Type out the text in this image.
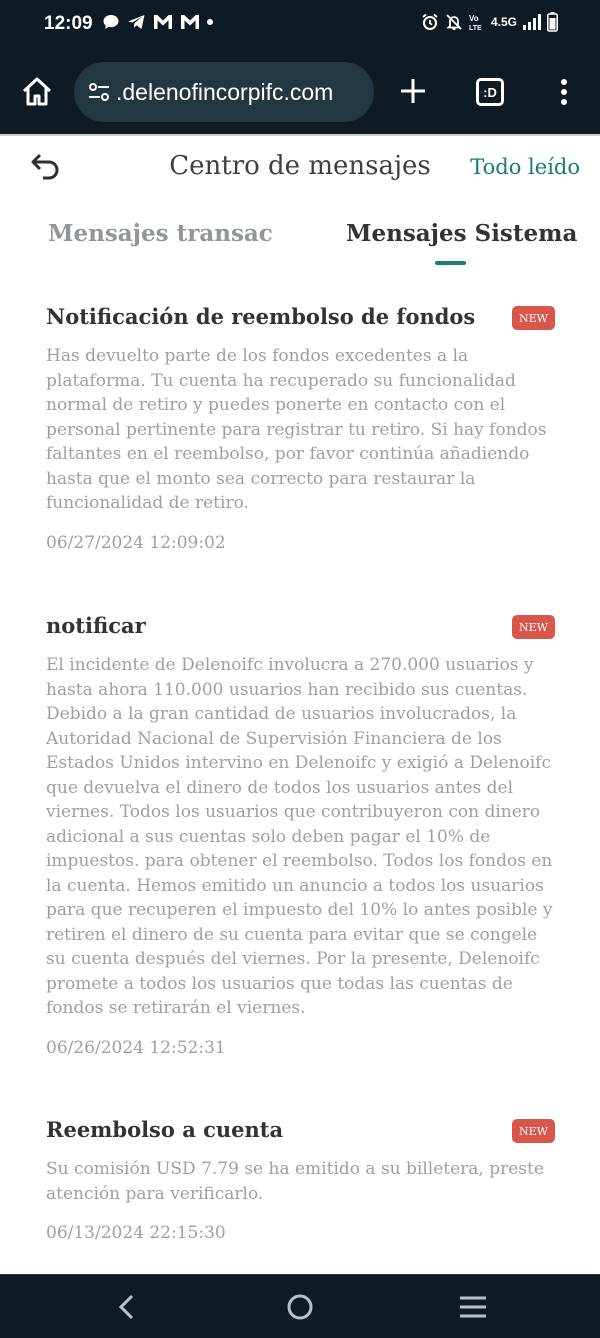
12:09	Vo
LTE 4.5G
.delenofincorpifc.com	:D
Centro de mensajes	Todo leído
Mensajes transac	Mensajes Sistema
Notificación de reembolso de fondos	NEW
Has devuelto parte de los fondos excedentes a la plataforma. Tu cuenta ha recuperado su funcionalidad normal de retiro y puedes ponerte en contacto con el personal pertinente para registrar tu retiro. Si hay fondos faltantes en el reembolso, por favor continúa añadiendo hasta que el monto sea correcto para restaurar la funcionalidad de retiro.
06/27/2024 12:09:02
notificar	NEW
El incidente de Delenoifc involucra a 270.000 usuarios y hasta ahora 110.000 usuarios han recibido sus cuentas. Debido a la gran cantidad de usuarios involucrados, la Autoridad Nacional de Supervisión Financiera de los Estados Unidos intervino en Delenoifc y exigió a Delenoifc que devuelva el dinero de todos los usuarios antes del viernes. Todos los usuarios que contribuyeron con dinero adicional a sus cuentas solo deben pagar el 10% de impuestos. para obtener el reembolso. Todos los fondos en la cuenta. Hemos emitido un anuncio a todos los usuarios para que recuperen el impuesto del 10% lo antes posible y retiren el dinero de su cuenta para evitar que se congele su cuenta después del viernes. Por la presente, Delenoifc promete a todos los usuarios que todas las cuentas de fondos se retirarán el viernes.
06/26/2024 12:52:31
Reembolso a cuenta	NEW
Su comisión USD 7.79 se ha emitido a su billetera, preste atención para verificarlo.
06/13/2024 22:15:30
